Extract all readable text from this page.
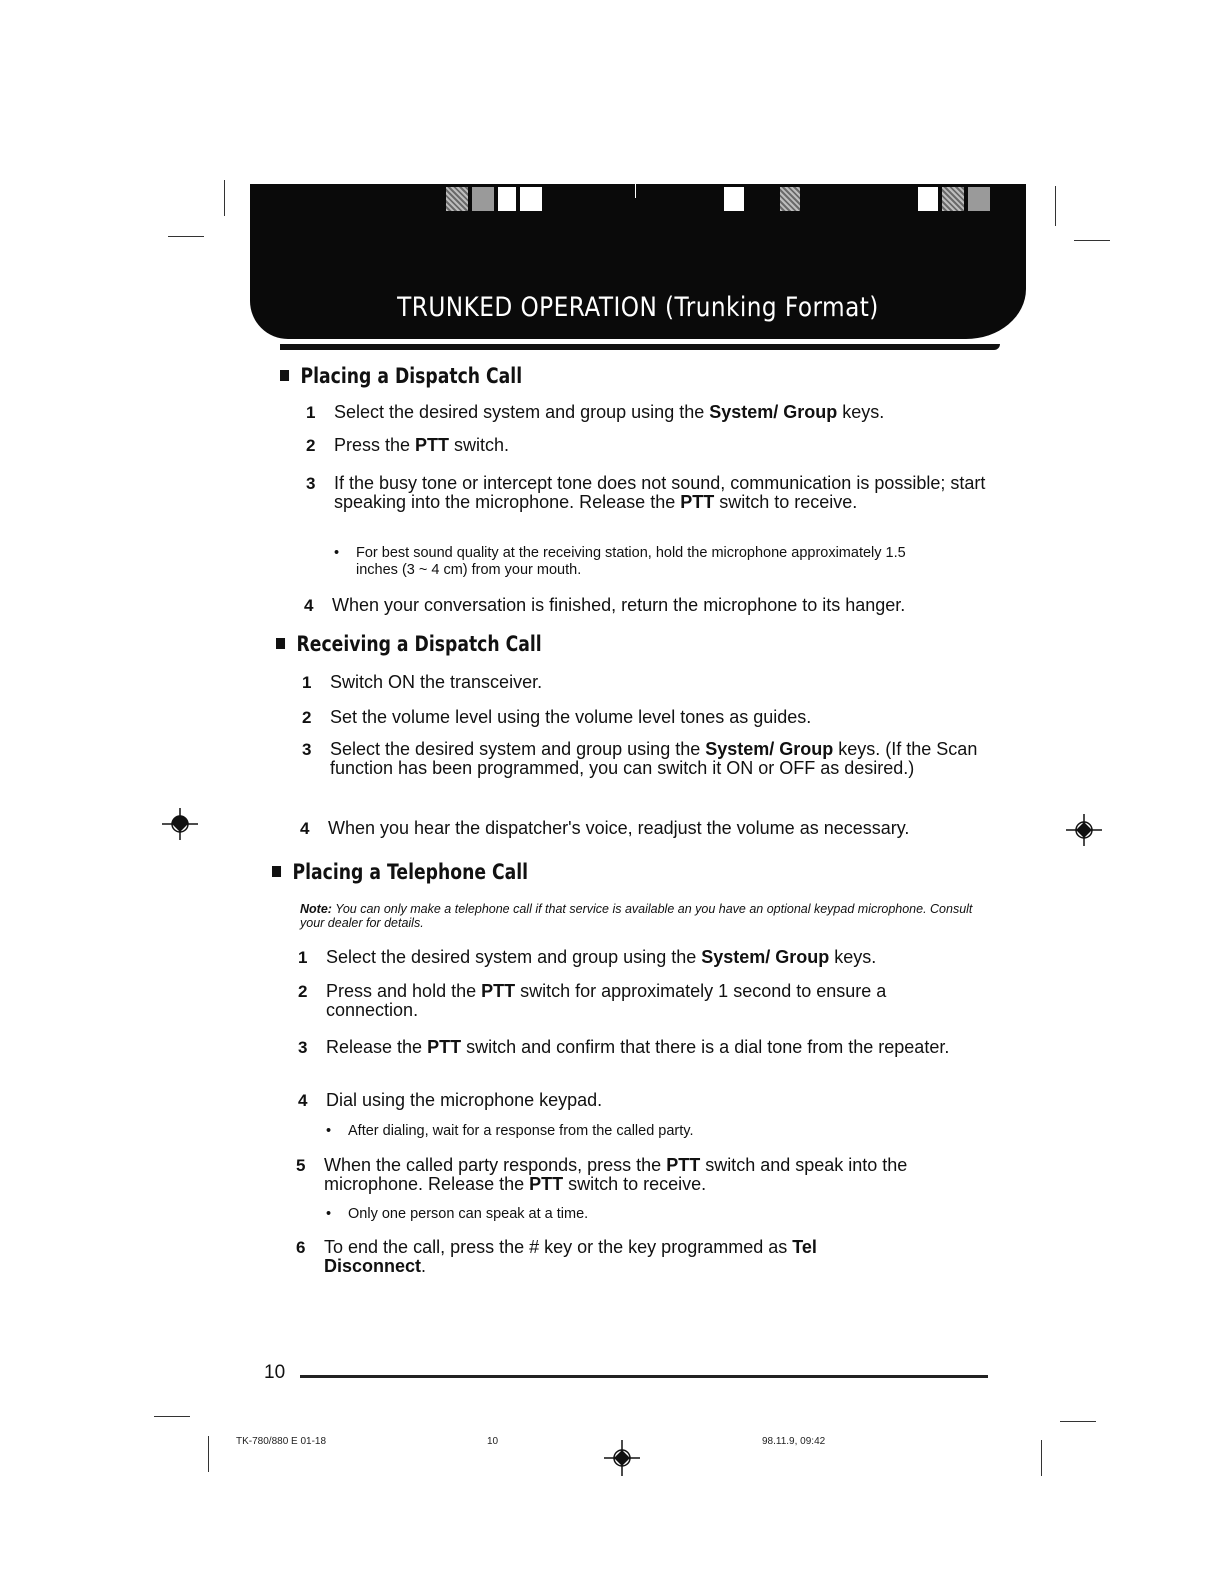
TRUNKED OPERATION (Trunking Format)
Placing a Dispatch Call
1 Select the desired system and group using the System/ Group keys.
2 Press the PTT switch.
3 If the busy tone or intercept tone does not sound, communication is possible; start speaking into the microphone. Release the PTT switch to receive.
• For best sound quality at the receiving station, hold the microphone approximately 1.5 inches (3 ~ 4 cm) from your mouth.
4 When your conversation is finished, return the microphone to its hanger.
Receiving a Dispatch Call
1 Switch ON the transceiver.
2 Set the volume level using the volume level tones as guides.
3 Select the desired system and group using the System/ Group keys. (If the Scan function has been programmed, you can switch it ON or OFF as desired.)
4 When you hear the dispatcher's voice, readjust the volume as necessary.
Placing a Telephone Call
Note: You can only make a telephone call if that service is available an you have an optional keypad microphone. Consult your dealer for details.
1 Select the desired system and group using the System/ Group keys.
2 Press and hold the PTT switch for approximately 1 second to ensure a connection.
3 Release the PTT switch and confirm that there is a dial tone from the repeater.
4 Dial using the microphone keypad.
• After dialing, wait for a response from the called party.
5 When the called party responds, press the PTT switch and speak into the microphone. Release the PTT switch to receive.
• Only one person can speak at a time.
6 To end the call, press the # key or the key programmed as Tel Disconnect.
10
TK-780/880 E 01-18	10	98.11.9, 09:42
